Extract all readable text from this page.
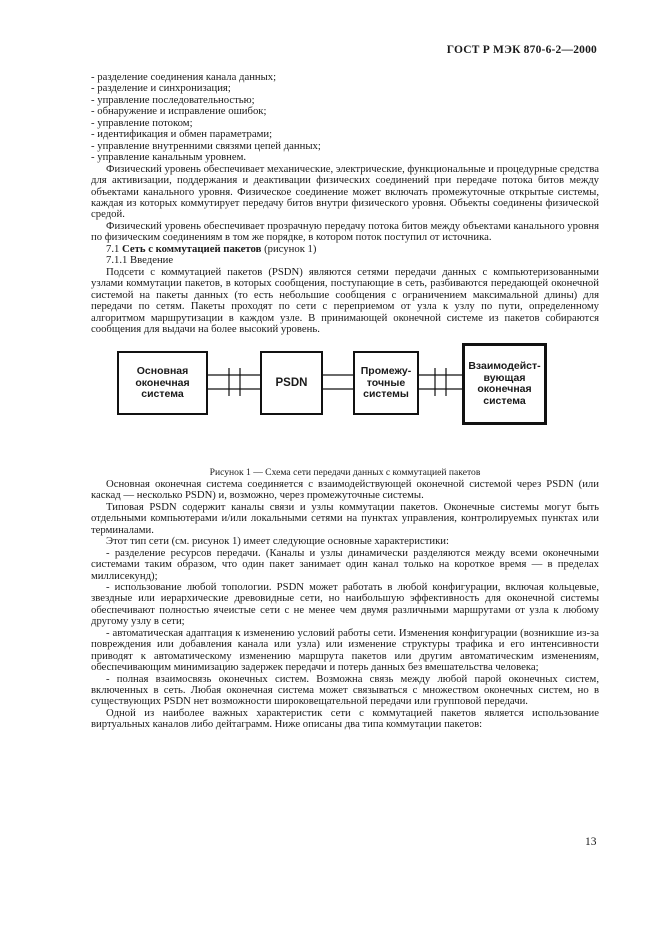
ГОСТ Р МЭК 870-6-2—2000

- разделение соединения канала данных;

- разделение и синхронизация;

- управление последовательностью;

- обнаружение и исправление ошибок;

- управление потоком;

- идентификация и обмен параметрами;

- управление внутренними связями цепей данных;

- управление канальным уровнем.

Физический уровень обеспечивает механические, электрические, функциональные и процедурные средства для активизации, поддержания и деактивации физических соединений при передаче потока битов между объектами канального уровня. Физическое соединение может включать промежуточные открытые системы, каждая из которых коммутирует передачу битов внутри физического уровня. Объекты соединены физической средой.

Физический уровень обеспечивает прозрачную передачу потока битов между объектами канального уровня по физическим соединениям в том же порядке, в котором поток поступил от источника.

7.1 Сеть с коммутацией пакетов (рисунок 1)

7.1.1 Введение

Подсети с коммутацией пакетов (PSDN) являются сетями передачи данных с компьютеризованными узлами коммутации пакетов, в которых сообщения, поступающие в сеть, разбиваются передающей оконечной системой на пакеты данных (то есть небольшие сообщения с ограничением максимальной длины) для передачи по сетям. Пакеты проходят по сети с переприемом от узла к узлу по пути, определенному алгоритмом маршрутизации в каждом узле. В принимающей оконечной системе из пакетов собираются сообщения для выдачи на более высокий уровень.

Основная
оконечная
система
PSDN
Промежу-
точные
системы
Взаимодейст-
вующая
оконечная
система

Рисунок 1 — Схема сети передачи данных с коммутацией пакетов

Основная оконечная система соединяется с взаимодействующей оконечной системой через PSDN (или каскад — несколько PSDN) и, возможно, через промежуточные системы.

Типовая PSDN содержит каналы связи и узлы коммутации пакетов. Оконечные системы могут быть отдельными компьютерами и/или локальными сетями на пунктах управления, контролируемых пунктах или терминалами.

Этот тип сети (см. рисунок 1) имеет следующие основные характеристики:

- разделение ресурсов передачи. (Каналы и узлы динамически разделяются между всеми оконечными системами таким образом, что один пакет занимает один канал только на короткое время — в пределах миллисекунд);

- использование любой топологии. PSDN может работать в любой конфигурации, включая кольцевые, звездные или иерархические древовидные сети, но наибольшую эффективность для оконечной системы обеспечивают полностью ячеистые сети с не менее чем двумя различными маршрутами от узла к любому другому узлу в сети;

- автоматическая адаптация к изменению условий работы сети. Изменения конфигурации (возникшие из-за повреждения или добавления канала или узла) или изменение структуры трафика и его интенсивности приводят к автоматическому изменению маршрута пакетов или другим автоматическим изменениям, обеспечивающим минимизацию задержек передачи и потерь данных без вмешательства человека;

- полная взаимосвязь оконечных систем. Возможна связь между любой парой оконечных систем, включенных в сеть. Любая оконечная система может связываться с множеством оконечных систем, но в существующих PSDN нет возможности широковещательной передачи или групповой передачи.

Одной из наиболее важных характеристик сети с коммутацией пакетов является использование виртуальных каналов либо дейтаграмм. Ниже описаны два типа коммутации пакетов:

13
